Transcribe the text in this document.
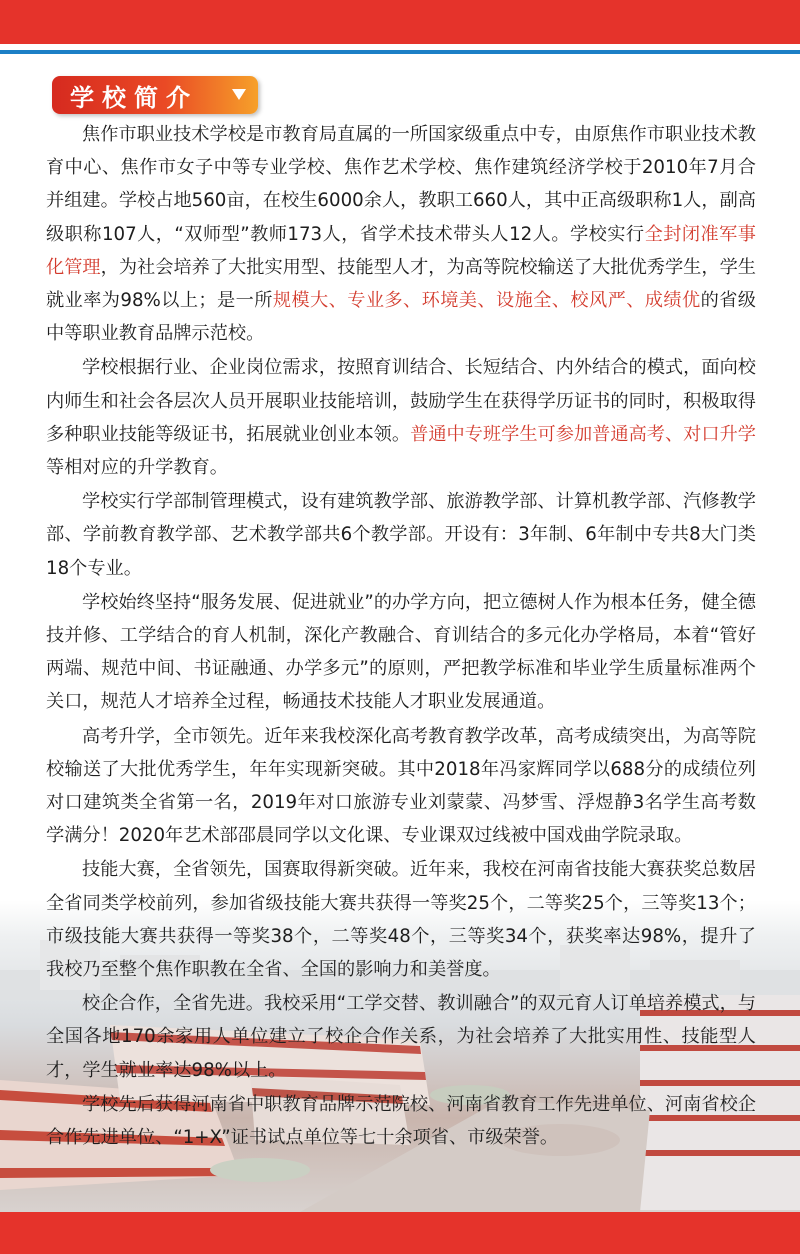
学校简介

焦作市职业技术学校是市教育局直属的一所国家级重点中专，由原焦作市职业技术教育中心、焦作市女子中等专业学校、焦作艺术学校、焦作建筑经济学校于2010年7月合并组建。学校占地560亩，在校生6000余人，教职工660人，其中正高级职称1人，副高级职称107人，“双师型”教师173人，省学术技术带头人12人。学校实行全封闭准军事化管理，为社会培养了大批实用型、技能型人才，为高等院校输送了大批优秀学生，学生就业率为98%以上；是一所规模大、专业多、环境美、设施全、校风严、成绩优的省级中等职业教育品牌示范校。

学校根据行业、企业岗位需求，按照育训结合、长短结合、内外结合的模式，面向校内师生和社会各层次人员开展职业技能培训，鼓励学生在获得学历证书的同时，积极取得多种职业技能等级证书，拓展就业创业本领。普通中专班学生可参加普通高考、对口升学等相对应的升学教育。

学校实行学部制管理模式，设有建筑教学部、旅游教学部、计算机教学部、汽修教学部、学前教育教学部、艺术教学部共6个教学部。开设有：3年制、6年制中专共8大门类18个专业。

学校始终坚持“服务发展、促进就业”的办学方向，把立德树人作为根本任务，健全德技并修、工学结合的育人机制，深化产教融合、育训结合的多元化办学格局，本着“管好两端、规范中间、书证融通、办学多元”的原则，严把教学标准和毕业学生质量标准两个关口，规范人才培养全过程，畅通技术技能人才职业发展通道。

高考升学，全市领先。近年来我校深化高考教育教学改革，高考成绩突出，为高等院校输送了大批优秀学生，年年实现新突破。其中2018年冯家辉同学以688分的成绩位列对口建筑类全省第一名，2019年对口旅游专业刘蒙蒙、冯梦雪、浮煜静3名学生高考数学满分！2020年艺术部邵晨同学以文化课、专业课双过线被中国戏曲学院录取。

技能大赛，全省领先，国赛取得新突破。近年来，我校在河南省技能大赛获奖总数居全省同类学校前列，参加省级技能大赛共获得一等奖25个，二等奖25个，三等奖13个；市级技能大赛共获得一等奖38个，二等奖48个，三等奖34个，获奖率达98%，提升了我校乃至整个焦作职教在全省、全国的影响力和美誉度。

校企合作，全省先进。我校采用“工学交替、教训融合”的双元育人订单培养模式，与全国各地170余家用人单位建立了校企合作关系，为社会培养了大批实用性、技能型人才，学生就业率达98%以上。

学校先后获得河南省中职教育品牌示范院校、河南省教育工作先进单位、河南省校企合作先进单位、“1+X”证书试点单位等七十余项省、市级荣誉。
